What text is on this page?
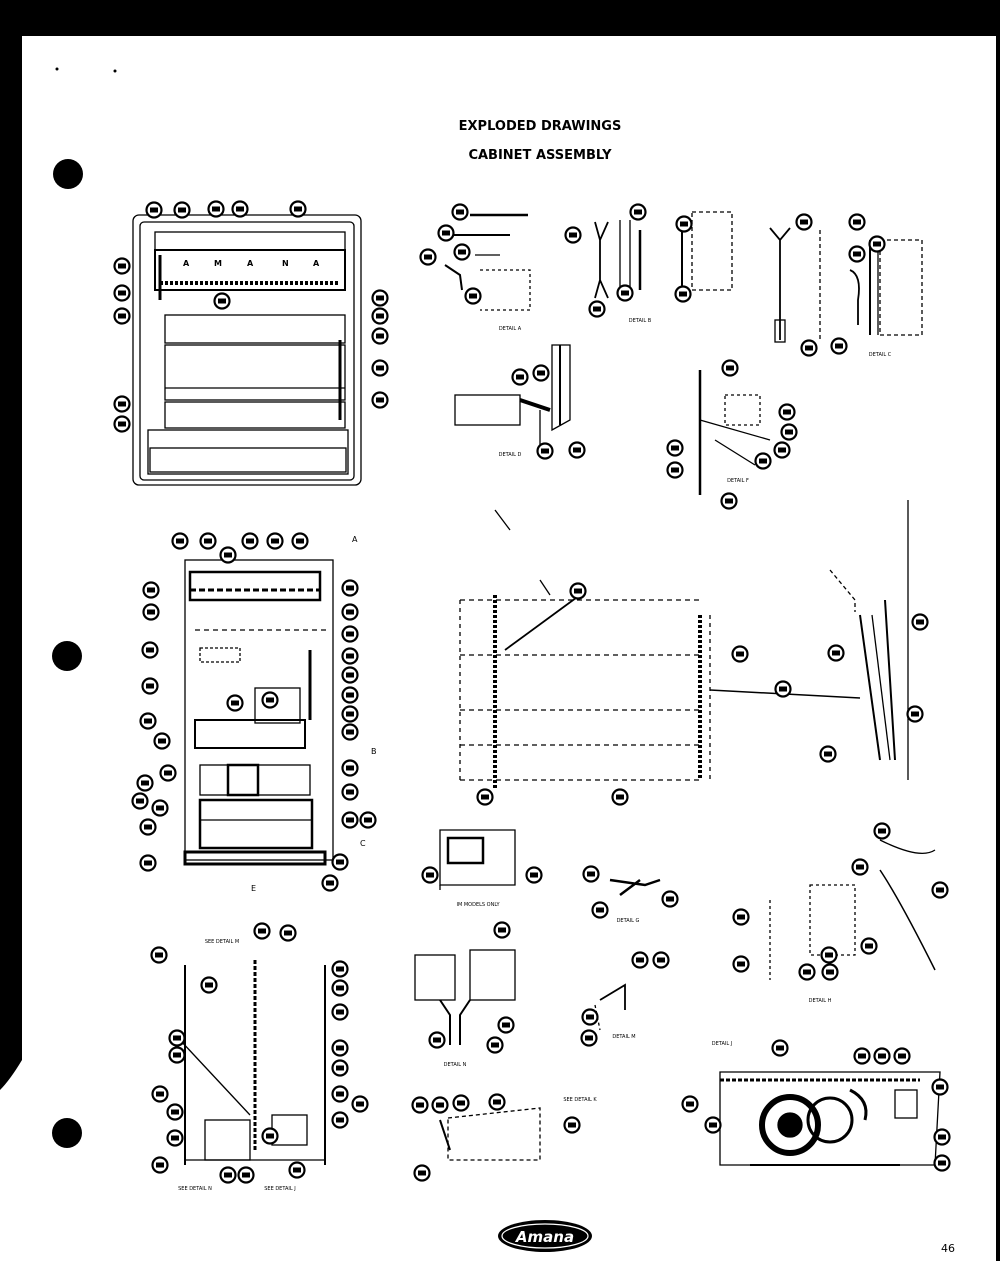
EXPLODED DRAWINGS
CABINET ASSEMBLY
A	M	A	N	A
DETAIL A
DETAIL B
DETAIL C
DETAIL D
DETAIL F
IM MODELS ONLY
DETAIL G
DETAIL H
DETAIL N
DETAIL M
SEE DETAIL M
SEE DETAIL N	SEE DETAIL J
SEE DETAIL K
DETAIL J
A
B
C
E
Amana
46
